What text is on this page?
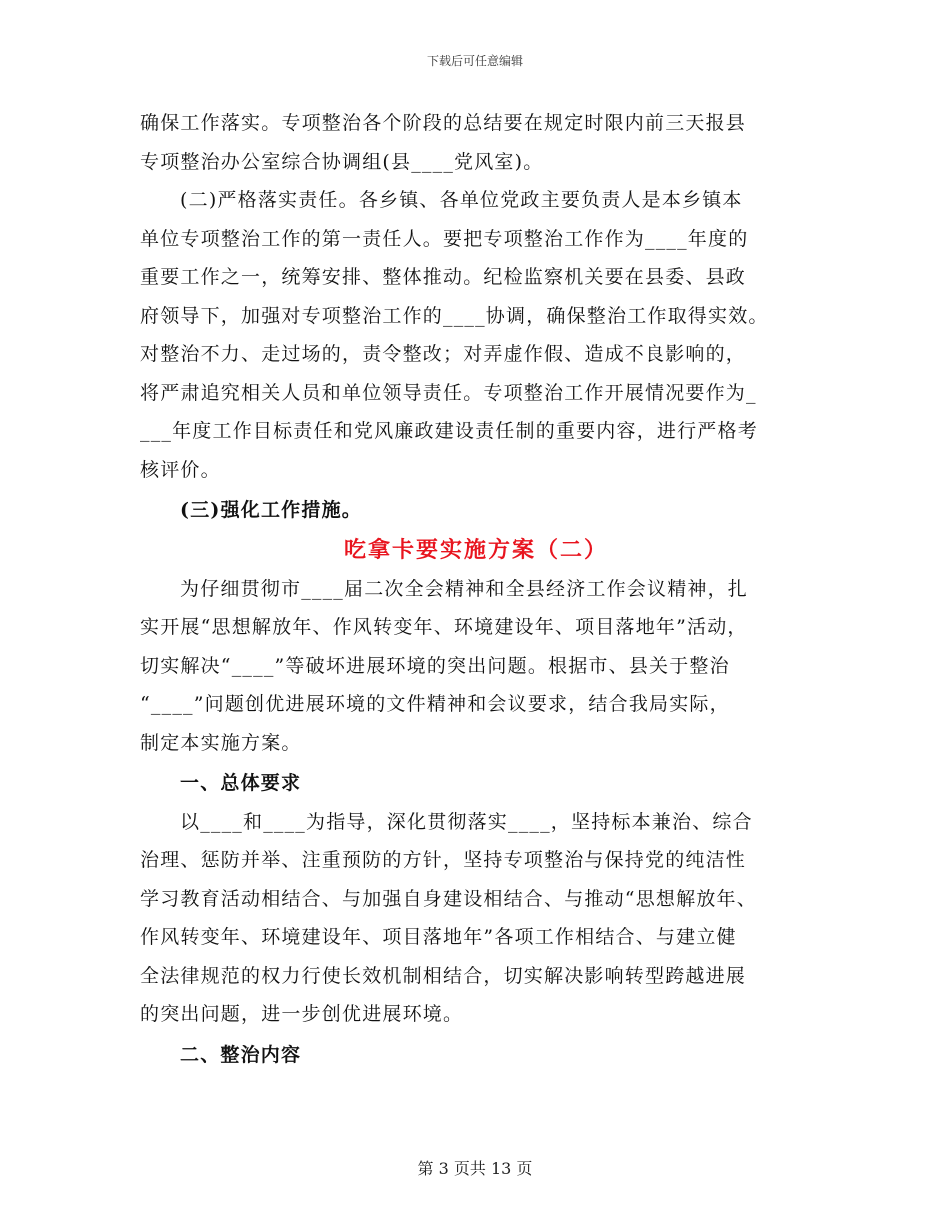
下载后可任意编辑
确保工作落实。专项整治各个阶段的总结要在规定时限内前三天报县
专项整治办公室综合协调组(县____党风室)。
(二)严格落实责任。各乡镇、各单位党政主要负责人是本乡镇本
单位专项整治工作的第一责任人。要把专项整治工作作为____年度的
重要工作之一，统筹安排、整体推动。纪检监察机关要在县委、县政
府领导下，加强对专项整治工作的____协调，确保整治工作取得实效。
对整治不力、走过场的，责令整改；对弄虚作假、造成不良影响的，
将严肃追究相关人员和单位领导责任。专项整治工作开展情况要作为_
___年度工作目标责任和党风廉政建设责任制的重要内容，进行严格考
核评价。
(三)强化工作措施。
吃拿卡要实施方案（二）
为仔细贯彻市____届二次全会精神和全县经济工作会议精神，扎
实开展“思想解放年、作风转变年、环境建设年、项目落地年”活动，
切实解决“____”等破坏进展环境的突出问题。根据市、县关于整治
“____”问题创优进展环境的文件精神和会议要求，结合我局实际，
制定本实施方案。
一、总体要求
以____和____为指导，深化贯彻落实____，坚持标本兼治、综合
治理、惩防并举、注重预防的方针，坚持专项整治与保持党的纯洁性
学习教育活动相结合、与加强自身建设相结合、与推动“思想解放年、
作风转变年、环境建设年、项目落地年”各项工作相结合、与建立健
全法律规范的权力行使长效机制相结合，切实解决影响转型跨越进展
的突出问题，进一步创优进展环境。
二、整治内容
第 3 页共 13 页
